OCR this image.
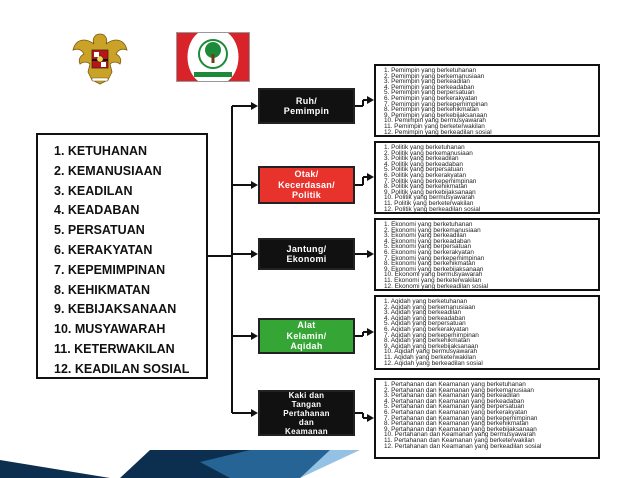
1. KETUHANAN
2. KEMANUSIAAN
3. KEADILAN
4. KEADABAN
5. PERSATUAN
6. KERAKYATAN
7. KEPEMIMPINAN
8. KEHIKMATAN
9. KEBIJAKSANAAN
10. MUSYAWARAH
11. KETERWAKILAN
12. KEADILAN SOSIAL
Ruh/
Pemimpin
1. Pemimpin yang berketuhanan
2. Pemimpin yang berkemanusiaan
3. Pemimpin yang berkeadilan
4. Pemimpin yang berkeadaban
5. Pemimpin yang berpersatuan
6. Pemimpin yang berkerakyatan
7. Pemimpin yang berkepemimpinan
8. Pemimpin yang berkehikmatan
9. Pemimpin yang berkebijaksanaan
10. Pemimpin yang bermusyawarah
11. Pemimpin yang berketerwakilan
12. Pemimpin yang berkeadilan sosial
Otak/
Kecerdasan/
Politik
1. Politik yang berketuhanan
2. Politik yang berkemanusiaan
3. Politik yang berkeadilan
4. Politik yang berkeadaban
5. Politik yang berpersatuan
6. Politik yang berkerakyatan
7. Politik yang berkepemimpinan
8. Politik yang berkehikmatan
9. Politik yang berkebijaksanaan
10. Politik yang bermusyawarah
11. Politik yang berketerwakilan
12. Politik yang berkeadilan sosial
Jantung/
Ekonomi
1. Ekonomi yang berketuhanan
2. Ekonomi yang berkemanusiaan
3. Ekonomi yang berkeadilan
4. Ekonomi yang berkeadaban
5. Ekonomi yang berpersatuan
6. Ekonomi yang berkerakyatan
7. Ekonomi yang berkepemimpinan
8. Ekonomi yang berkehikmatan
9. Ekonomi yang berkebijaksanaan
10. Ekonomi yang bermusyawarah
11. Ekonomi yang berketerwakilan
12. Ekonomi yang berkeadilan sosial
Alat
Kelamin/
Aqidah
1. Aqidah yang berketuhanan
2. Aqidah yang berkemanusiaan
3. Aqidah yang berkeadilan
4. Aqidah yang berkeadaban
5. Aqidah yang berpersatuan
6. Aqidah yang berkerakyatan
7. Aqidah yang berkepemimpinan
8. Aqidah yang berkehikmatan
9. Aqidah yang berkebijaksanaan
10. Aqidah yang bermusyawarah
11. Aqidah yang berketerwakilan
12. Aqidah yang berkeadilan sosial
Kaki dan
Tangan
Pertahanan
dan
Keamanan
1. Pertahanan dan Keamanan yang berketuhanan
2. Pertahanan dan Keamanan yang berkemanusiaan
3. Pertahanan dan Keamanan yang berkeadilan
4. Pertahanan dan Keamanan yang berkeadaban
5. Pertahanan dan Keamanan yang berpersatuan
6. Pertahanan dan Keamanan yang berkerakyatan
7. Pertahanan dan Keamanan yang berkepemimpinan
8. Pertahanan dan Keamanan yang berkehikmatan
9. Pertahanan dan Keamanan yang berkebijaksanaan
10. Pertahanan dan Keamanan yang bermusyawarah
11. Pertahanan dan Keamanan yang berketerwakilan
12. Pertahanan dan Keamanan yang berkeadilan sosial
